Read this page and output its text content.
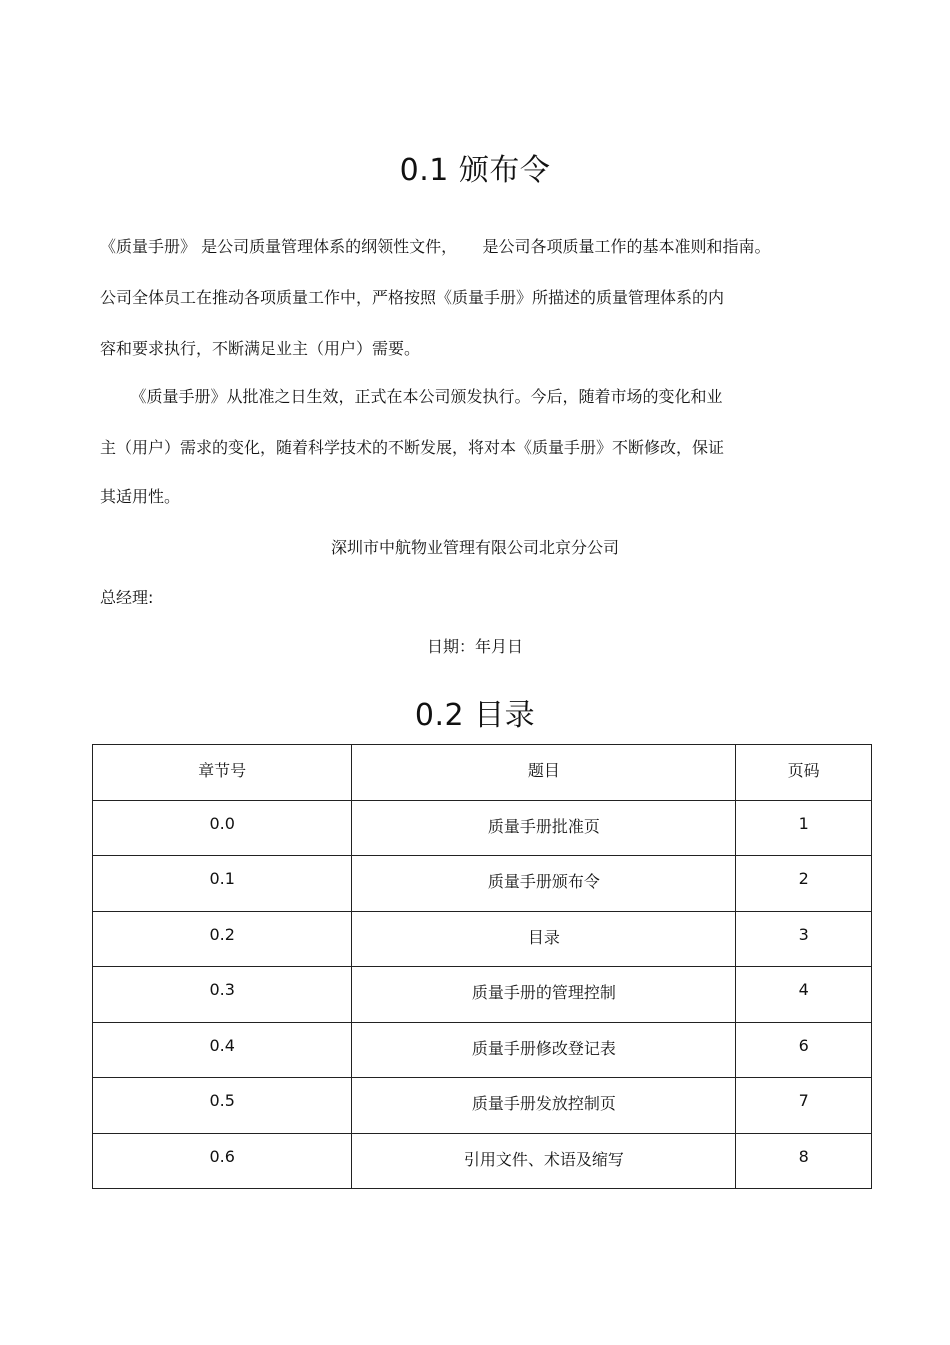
0.1 颁布令

《质量手册》 是公司质量管理体系的纲领性文件，     是公司各项质量工作的基本准则和指南。

公司全体员工在推动各项质量工作中，严格按照《质量手册》所描述的质量管理体系的内

容和要求执行，不断满足业主（用户）需要。

《质量手册》从批准之日生效，正式在本公司颁发执行。今后，随着市场的变化和业

主（用户）需求的变化，随着科学技术的不断发展，将对本《质量手册》不断修改，保证

其适用性。

深圳市中航物业管理有限公司北京分公司

总经理:

日期：年月日

0.2 目录
章节号	题目	页码

0.0	质量手册批准页	1

0.1	质量手册颁布令	2

0.2	目录	3

0.3	质量手册的管理控制	4

0.4	质量手册修改登记表	6

0.5	质量手册发放控制页	7

0.6	引用文件、术语及缩写	8
